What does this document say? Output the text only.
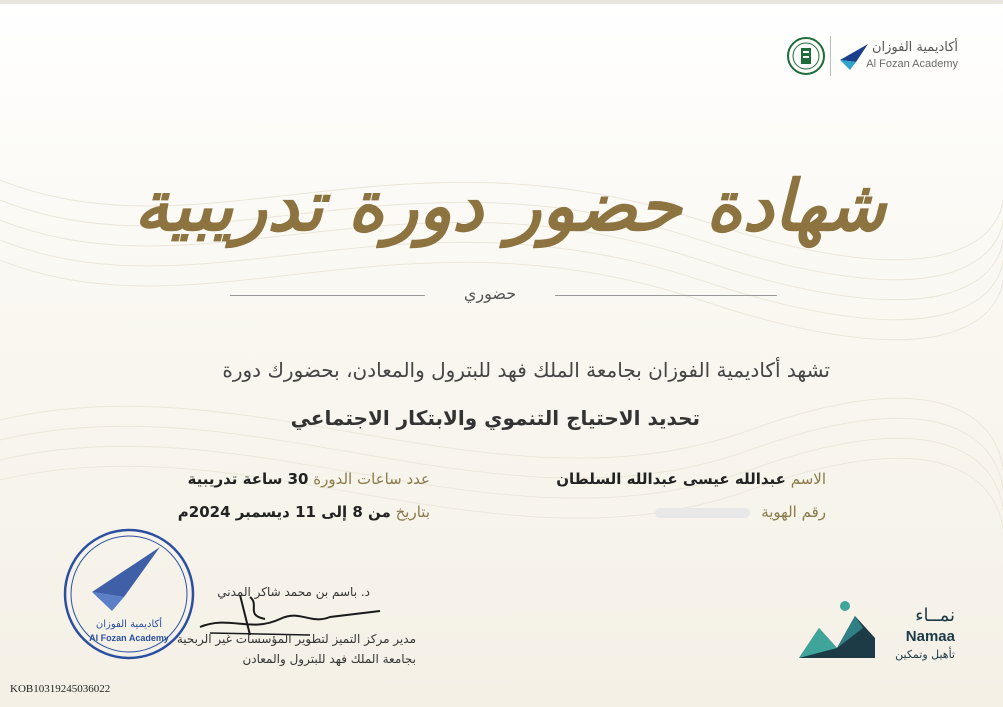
أكاديمية الفوزان
Al Fozan Academy
شهادة حضور دورة تدريبية
حضوري
تشهد أكاديمية الفوزان بجامعة الملك فهد للبترول والمعادن، بحضورك دورة
تحديد الاحتياج التنموي والابتكار الاجتماعي
الاسم عبدالله عيسى عبدالله السلطان
رقم الهوية
عدد ساعات الدورة 30 ساعة تدريبية
بتاريخ من 8 إلى 11 ديسمبر 2024م
أكاديمية الفوزان
Al Fozan Academy
د. باسم بن محمد شاكر المدني
مدير مركز التميز لتطوير المؤسسات غير الربحية
بجامعة الملك فهد للبترول والمعادن
KOB10319245036022
نمــاء
Namaa
تأهيل وتمكين
